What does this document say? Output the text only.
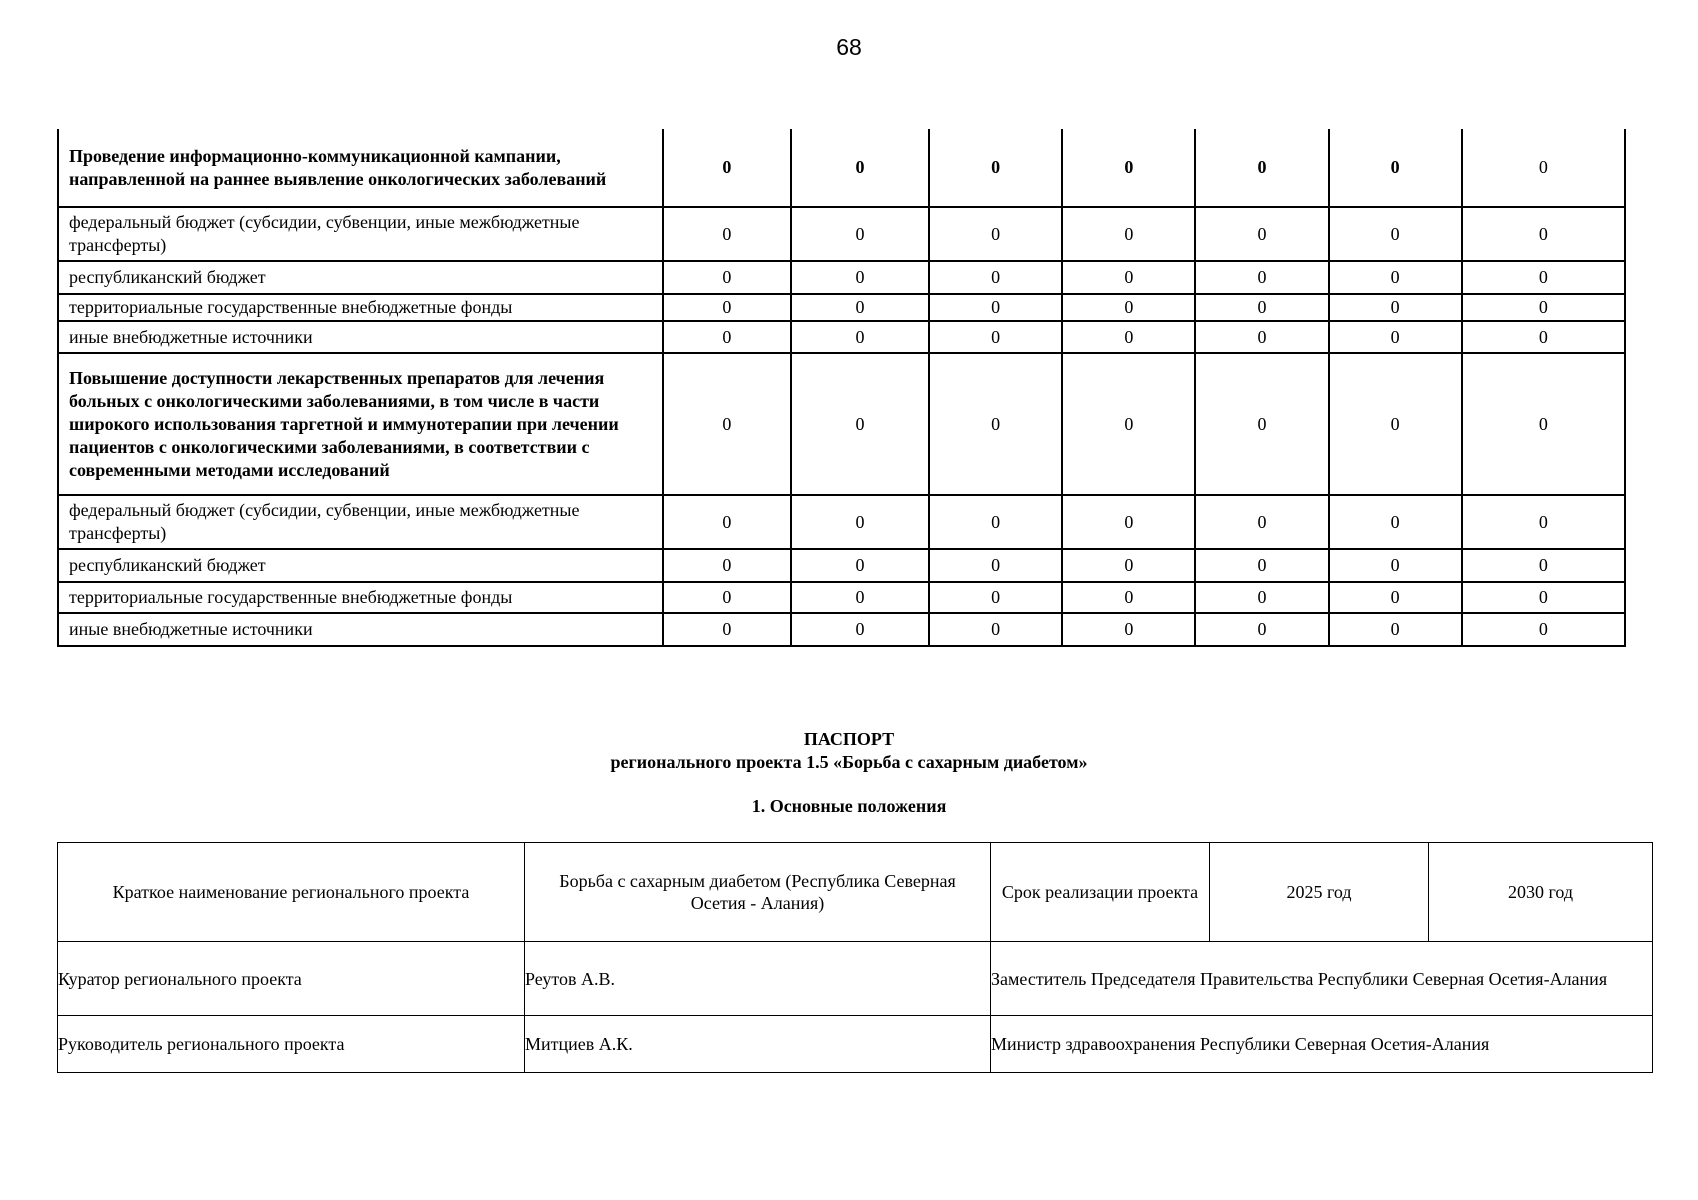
68
Проведение информационно-коммуникационной кампании, направленной на раннее выявление онкологических заболеваний	0	0	0	0	0	0	0
федеральный бюджет (субсидии, субвенции, иные межбюджетные трансферты)	0	0	0	0	0	0	0
республиканский бюджет	0	0	0	0	0	0	0
территориальные государственные внебюджетные фонды	0	0	0	0	0	0	0
иные внебюджетные источники	0	0	0	0	0	0	0
Повышение доступности лекарственных препаратов для лечения больных с онкологическими заболеваниями, в том числе в части широкого использования таргетной и иммунотерапии при лечении пациентов с онкологическими заболеваниями, в соответствии с современными методами исследований	0	0	0	0	0	0	0
федеральный бюджет (субсидии, субвенции, иные межбюджетные трансферты)	0	0	0	0	0	0	0
республиканский бюджет	0	0	0	0	0	0	0
территориальные государственные внебюджетные фонды	0	0	0	0	0	0	0
иные внебюджетные источники	0	0	0	0	0	0	0
ПАСПОРТ
регионального проекта 1.5 «Борьба с сахарным диабетом»
1. Основные положения
Краткое наименование регионального проекта	Борьба с сахарным диабетом (Республика Северная Осетия - Алания)	Срок реализации проекта	2025 год	2030 год
Куратор регионального проекта	Реутов А.В.	Заместитель Председателя Правительства Республики Северная Осетия-Алания		
Руководитель регионального проекта	Митциев А.К.	Министр здравоохранения Республики Северная Осетия-Алания		
